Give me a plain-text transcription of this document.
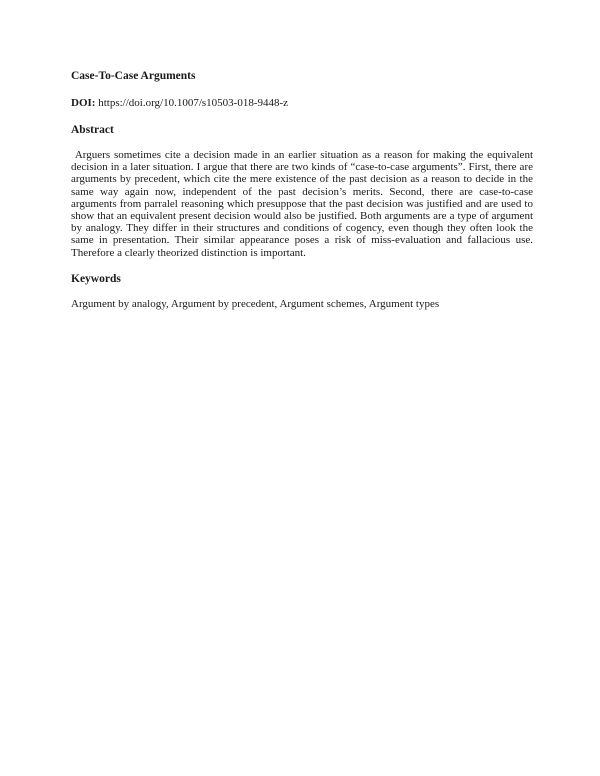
Case-To-Case Arguments
DOI: https://doi.org/10.1007/s10503-018-9448-z
Abstract
Arguers sometimes cite a decision made in an earlier situation as a reason for making the equivalent decision in a later situation. I argue that there are two kinds of “case-to-case arguments”. First, there are arguments by precedent, which cite the mere existence of the past decision as a reason to decide in the same way again now, independent of the past decision’s merits. Second, there are case-to-case arguments from parralel reasoning which presuppose that the past decision was justified and are used to show that an equivalent present decision would also be justified. Both arguments are a type of argument by analogy. They differ in their structures and conditions of cogency, even though they often look the same in presentation. Their similar appearance poses a risk of miss-evaluation and fallacious use. Therefore a clearly theorized distinction is important.
Keywords
Argument by analogy, Argument by precedent, Argument schemes, Argument types
